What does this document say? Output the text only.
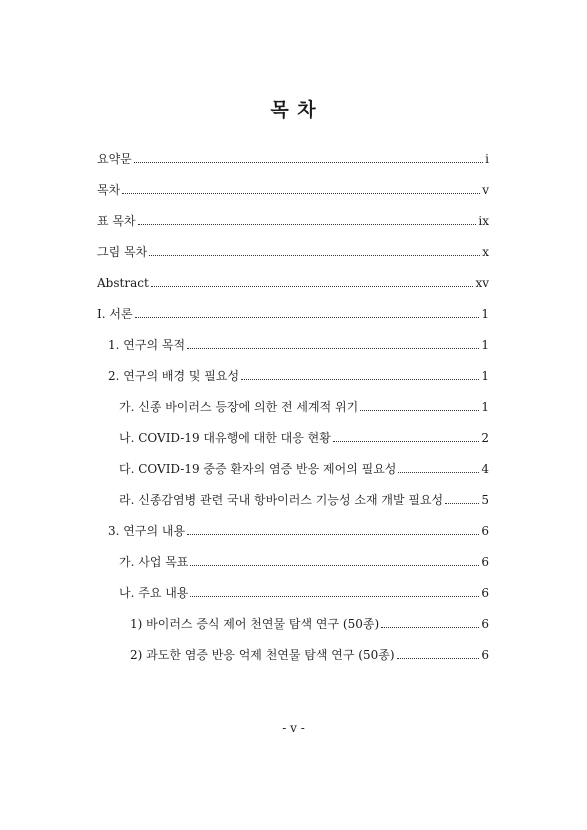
목 차
요약문	i
목차	v
표 목차	ix
그림 목차	x
Abstract	xv
I. 서론	1
1. 연구의 목적	1
2. 연구의 배경 및 필요성	1
가. 신종 바이러스 등장에 의한 전 세계적 위기	1
나. COVID-19 대유행에 대한 대응 현황	2
다. COVID-19 중증 환자의 염증 반응 제어의 필요성	4
라. 신종감염병 관련 국내 항바이러스 기능성 소재 개발 필요성	5
3. 연구의 내용	6
가. 사업 목표	6
나. 주요 내용	6
1) 바이러스 증식 제어 천연물 탐색 연구 (50종)	6
2) 과도한 염증 반응 억제 천연물 탐색 연구 (50종)	6
- v -
